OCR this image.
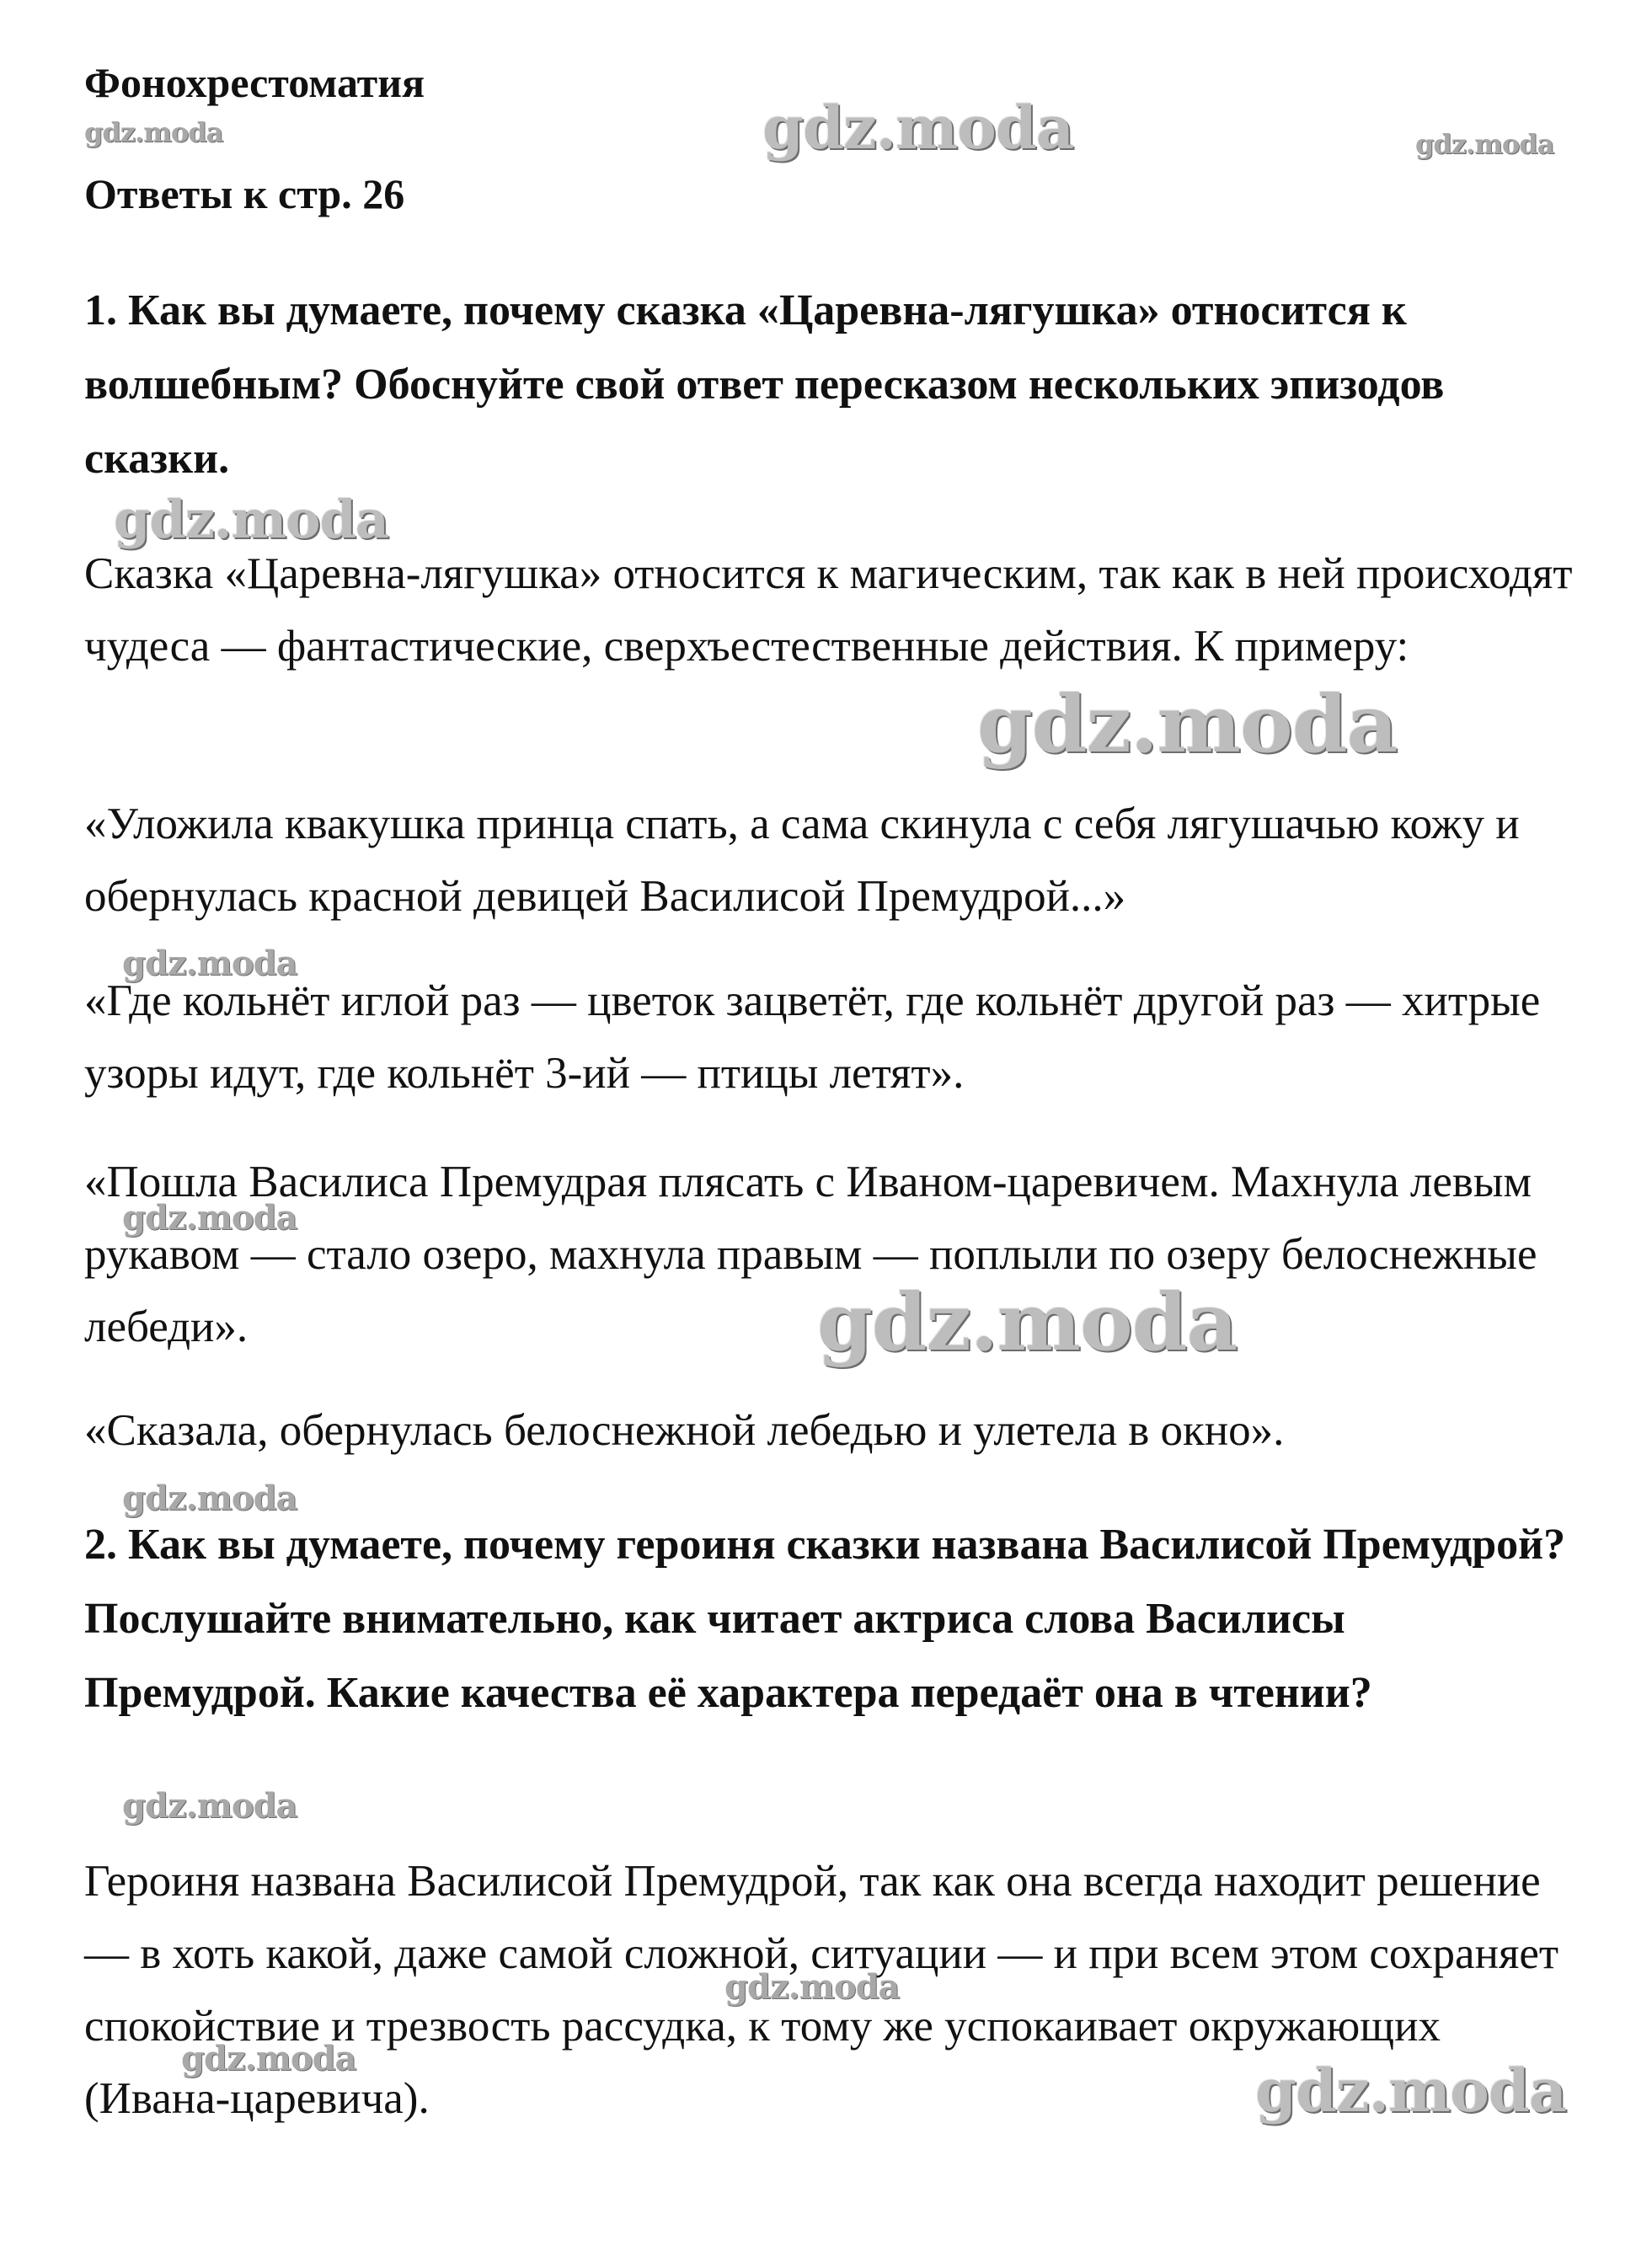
Фонохрестоматия
Ответы к стр. 26

1. Как вы думаете, почему сказка «Царевна-лягушка» относится к волшебным? Обоснуйте свой ответ пересказом нескольких эпизодов сказки.

Сказка «Царевна-лягушка» относится к магическим, так как в ней происходят чудеса — фантастические, сверхъестественные действия. К примеру:

«Уложила квакушка принца спать, а сама скинула с себя лягушачью кожу и обернулась красной девицей Василисой Премудрой...»

«Где кольнёт иглой раз — цветок зацветёт, где кольнёт другой раз — хитрые узоры идут, где кольнёт 3-ий — птицы летят».

«Пошла Василиса Премудрая плясать с Иваном-царевичем. Махнула левым рукавом — стало озеро, махнула правым — поплыли по озеру белоснежные лебеди».

«Сказала, обернулась белоснежной лебедью и улетела в окно».

2. Как вы думаете, почему героиня сказки названа Василисой Премудрой? Послушайте внимательно, как читает актриса слова Василисы Премудрой. Какие качества её характера передаёт она в чтении?

Героиня названа Василисой Премудрой, так как она всегда находит решение — в хоть какой, даже самой сложной, ситуации — и при всем этом сохраняет спокойствие и трезвость рассудка, к тому же успокаивает окружающих (Ивана-царевича).

gdz.moda	gdz.moda	gdz.moda
gdz.moda
gdz.moda
gdz.moda
gdz.moda
gdz.moda
gdz.moda
gdz.moda
gdz.moda
gdz.moda	gdz.moda
